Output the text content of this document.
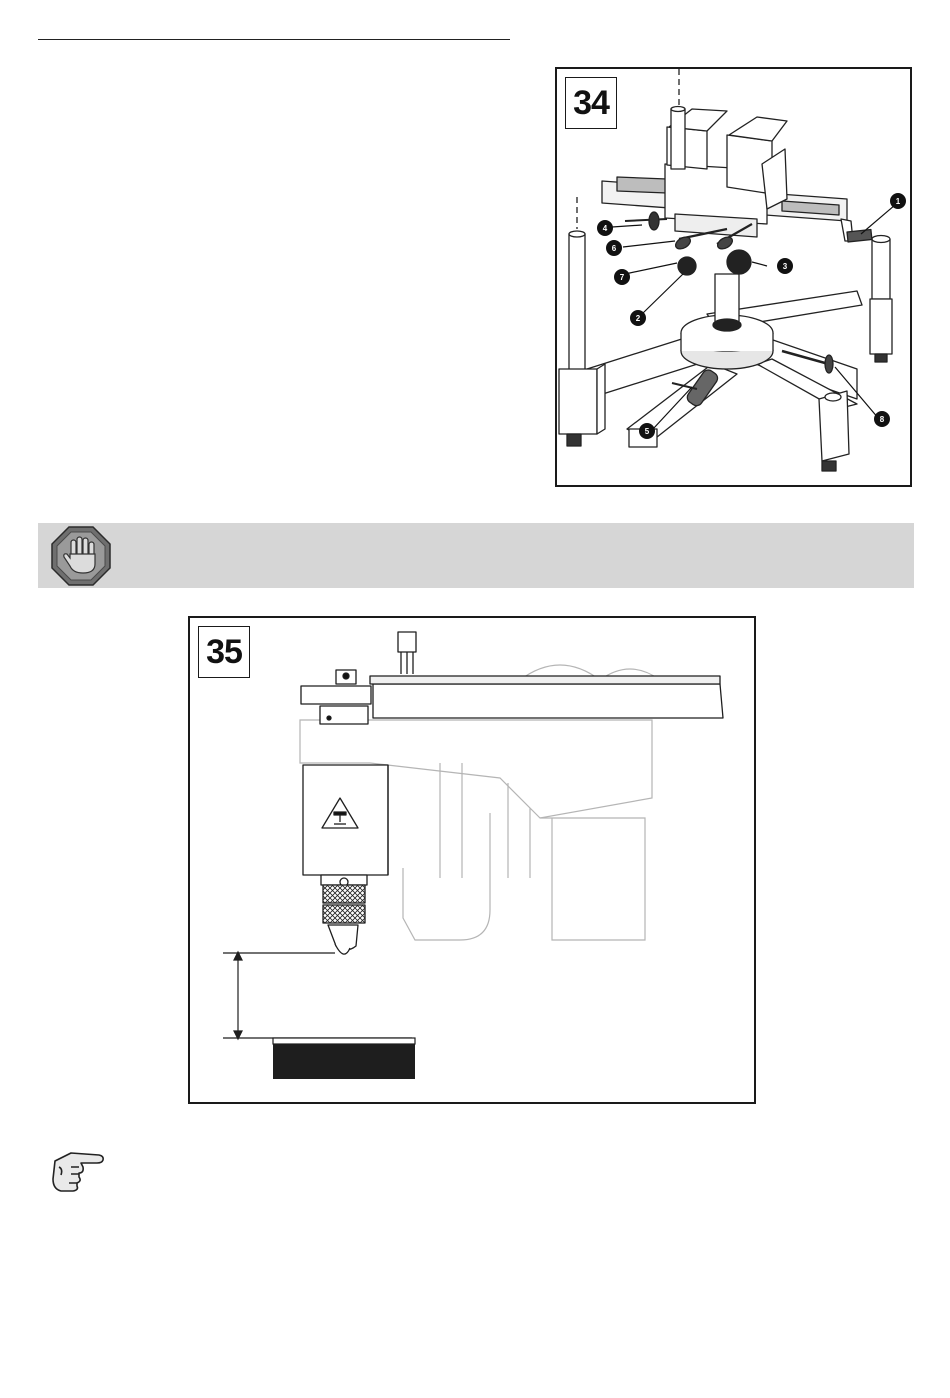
1
2
3
4
5
6
7
8
34
35
